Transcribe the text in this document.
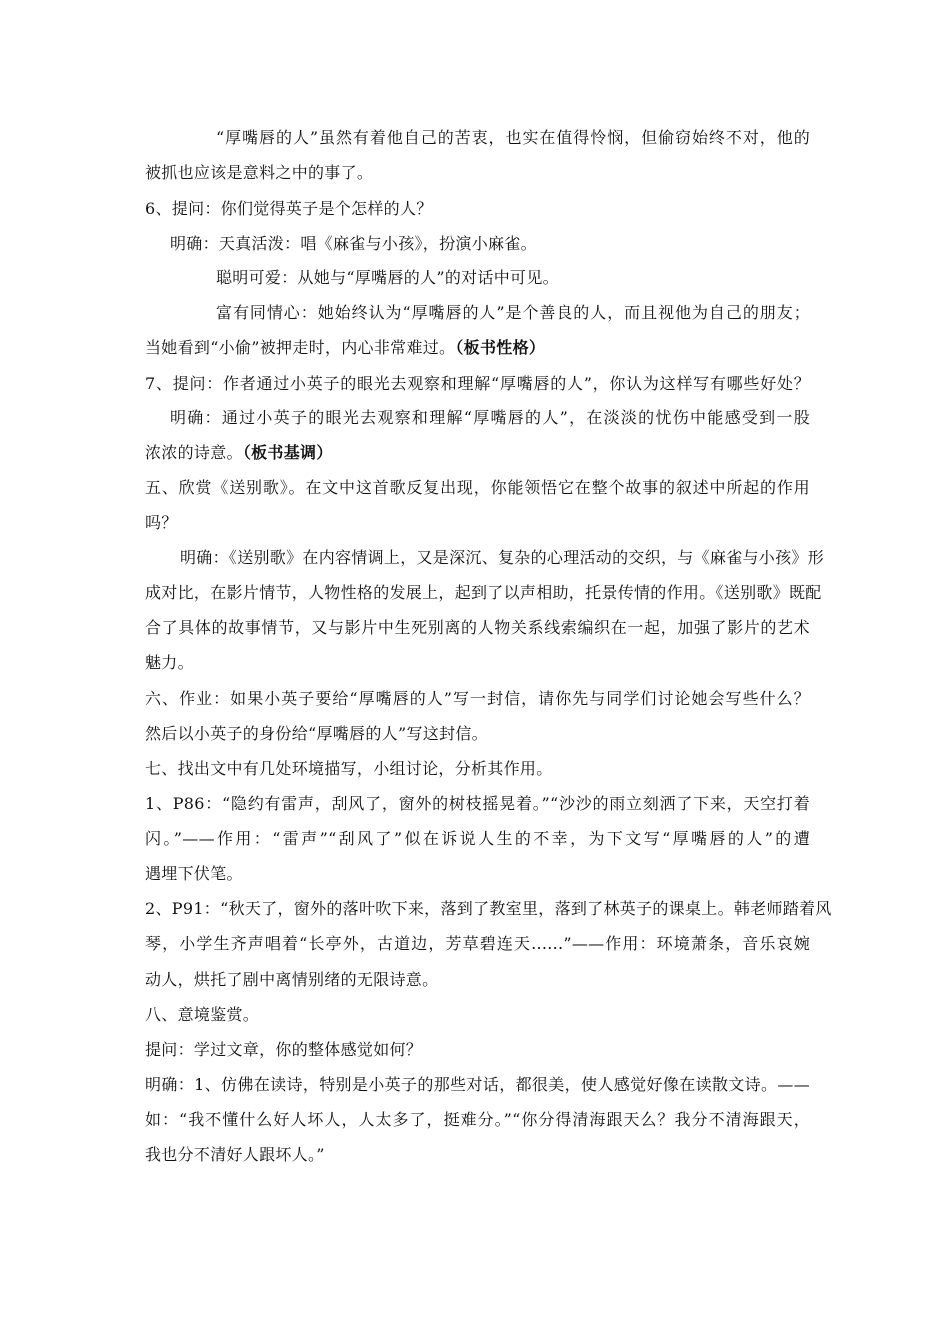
“厚嘴唇的人”虽然有着他自己的苦衷，也实在值得怜悯，但偷窃始终不对，他的
被抓也应该是意料之中的事了。
6、提问：你们觉得英子是个怎样的人？
明确：天真活泼：唱《麻雀与小孩》，扮演小麻雀。
聪明可爱：从她与“厚嘴唇的人”的对话中可见。
富有同情心：她始终认为“厚嘴唇的人”是个善良的人，而且视他为自己的朋友；
当她看到“小偷”被押走时，内心非常难过。（板书性格）
7、提问：作者通过小英子的眼光去观察和理解“厚嘴唇的人”，你认为这样写有哪些好处？
明确：通过小英子的眼光去观察和理解“厚嘴唇的人”，在淡淡的忧伤中能感受到一股
浓浓的诗意。（板书基调）
五、欣赏《送别歌》。在文中这首歌反复出现，你能领悟它在整个故事的叙述中所起的作用
吗？
明确：《送别歌》在内容情调上，又是深沉、复杂的心理活动的交织，与《麻雀与小孩》形
成对比，在影片情节，人物性格的发展上，起到了以声相助，托景传情的作用。《送别歌》既配
合了具体的故事情节，又与影片中生死别离的人物关系线索编织在一起，加强了影片的艺术
魅力。
六、作业：如果小英子要给“厚嘴唇的人”写一封信，请你先与同学们讨论她会写些什么？
然后以小英子的身份给“厚嘴唇的人”写这封信。
七、找出文中有几处环境描写，小组讨论，分析其作用。
1、P86：“隐约有雷声，刮风了，窗外的树枝摇晃着。”“沙沙的雨立刻洒了下来，天空打着
闪。”——作用：“雷声”“刮风了”似在诉说人生的不幸，为下文写“厚嘴唇的人”的遭
遇埋下伏笔。
2、P91：“秋天了，窗外的落叶吹下来，落到了教室里，落到了林英子的课桌上。韩老师踏着风
琴，小学生齐声唱着“长亭外，古道边，芳草碧连天......”——作用：环境萧条，音乐哀婉
动人，烘托了剧中离情别绪的无限诗意。
八、意境鉴赏。
提问：学过文章，你的整体感觉如何？
明确：1、仿佛在读诗，特别是小英子的那些对话，都很美，使人感觉好像在读散文诗。——
如：“我不懂什么好人坏人，人太多了，挺难分。”“你分得清海跟天么？我分不清海跟天，
我也分不清好人跟坏人。”
